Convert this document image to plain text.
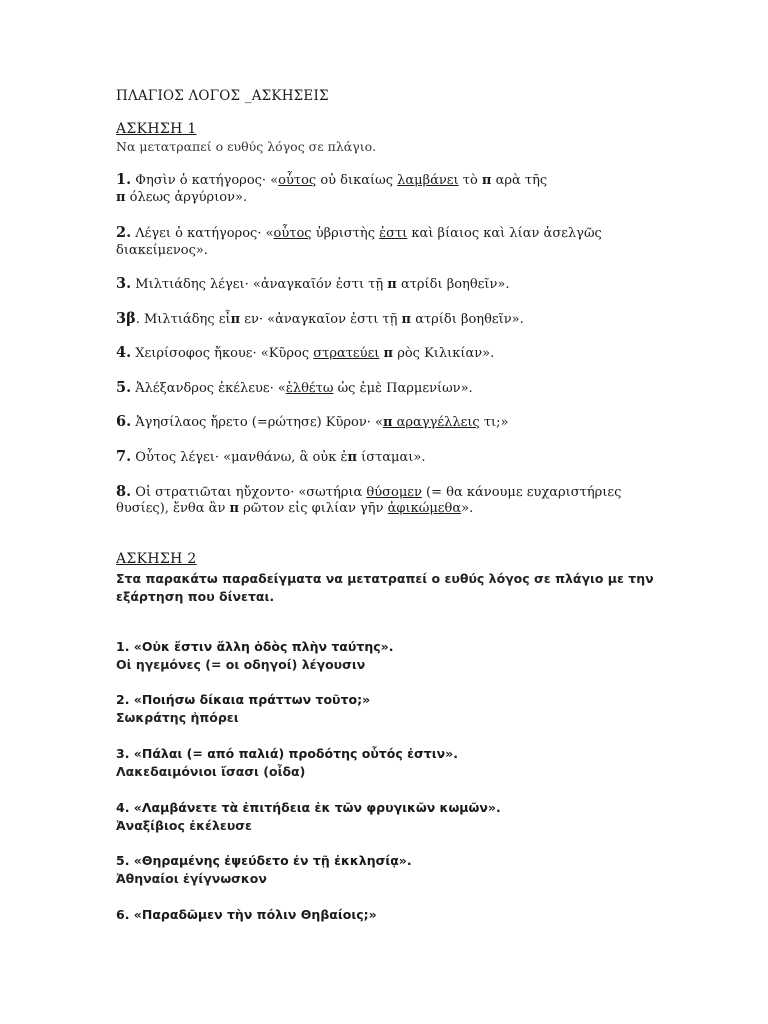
ΠΛΑΓΙΟΣ ΛΟΓΟΣ _ΑΣΚΗΣΕΙΣ
ΑΣΚΗΣΗ 1
Να μετατραπεί ο ευθύς λόγος σε πλάγιο.
1. Φησὶν ὁ κατήγορος· «οὗτος οὐ δικαίως λαμβάνει τὸ π αρὰ τῆς
π όλεως ἀργύριον».
2. Λέγει ὁ κατήγορος· «οὗτος ὑβριστὴς ἐστι καὶ βίαιος καὶ λίαν ἀσελγῶς
διακείμενος».
3. Μιλτιάδης λέγει· «ἀναγκαῖόν ἐστι τῇ π ατρίδι βοηθεῖν».
3β. Μιλτιάδης εἶπ εν· «ἀναγκαῖον ἐστι τῇ π ατρίδι βοηθεῖν».
4. Χειρίσοφος ἤκουε· «Κῦρος στρατεύει π ρὸς Κιλικίαν».
5. Ἀλέξανδρος ἐκέλευε· «ἐλθέτω ὡς ἐμὲ Παρμενίων».
6. Ἀγησίλαος ἤρετο (=ρώτησε) Κῦρον· «π αραγγέλλεις τι;»
7. Οὗτος λέγει· «μανθάνω, ἃ οὐκ ἐπ ίσταμαι».
8. Οἱ στρατιῶται ηὔχοντο· «σωτήρια θύσομεν (= θα κάνουμε ευχαριστήριες
θυσίες), ἔνθα ἂν π ρῶτον εἰς φιλίαν γῆν ἀφικώμεθα».
ΑΣΚΗΣΗ 2
Στα παρακάτω παραδείγματα να μετατραπεί ο ευθύς λόγος σε πλάγιο με την
εξάρτηση που δίνεται.
1. «Οὐκ ἔστιν ἄλλη ὁδὸς πλὴν ταύτης».
Οἱ ηγεμόνες (= οι οδηγοί) λέγουσιν
2. «Ποιήσω δίκαια πράττων τοῦτο;»
Σωκράτης ἠπόρει
3. «Πάλαι (= από παλιά) προδότης οὗτός ἐστιν».
Λακεδαιμόνιοι ἴσασι (οἶδα)
4. «Λαμβάνετε τὰ ἐπιτήδεια ἐκ τῶν φρυγικῶν κωμῶν».
Ἀναξίβιος ἐκέλευσε
5. «Θηραμένης ἐψεύδετο ἐν τῇ ἐκκλησίᾳ».
Ἀθηναίοι ἐγίγνωσκον
6. «Παραδῶμεν τὴν πόλιν Θηβαίοις;»
